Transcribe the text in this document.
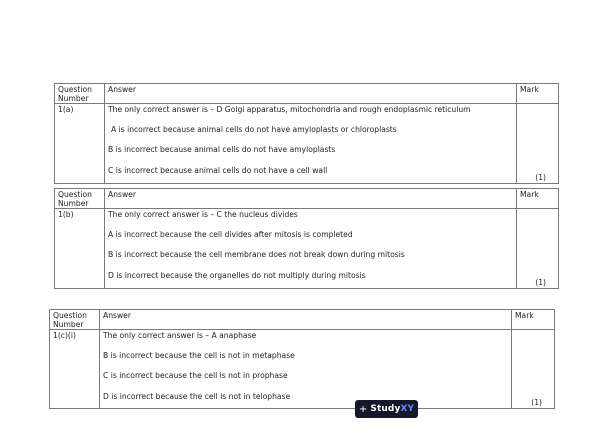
Question Number	Answer	Mark
1(a)	The only correct answer is – D Golgi apparatus, mitochondria and rough endoplasmic reticulum

A is incorrect because animal cells do not have amyloplasts or chloroplasts

B is incorrect because animal cells do not have amyloplasts

C is incorrect because animal cells do not have a cell wall	(1)
Question Number	Answer	Mark
1(b)	The only correct answer is – C the nucleus divides

A is incorrect because the cell divides after mitosis is completed

B is incorrect because the cell membrane does not break down during mitosis

D is incorrect because the organelles do not multiply during mitosis	(1)
Question Number	Answer	Mark
1(c)(i)	The only correct answer is – A anaphase

B is incorrect because the cell is not in metaphase

C is incorrect because the cell is not in prophase

D is incorrect because the cell is not in telophase	(1)
+ Study XY
